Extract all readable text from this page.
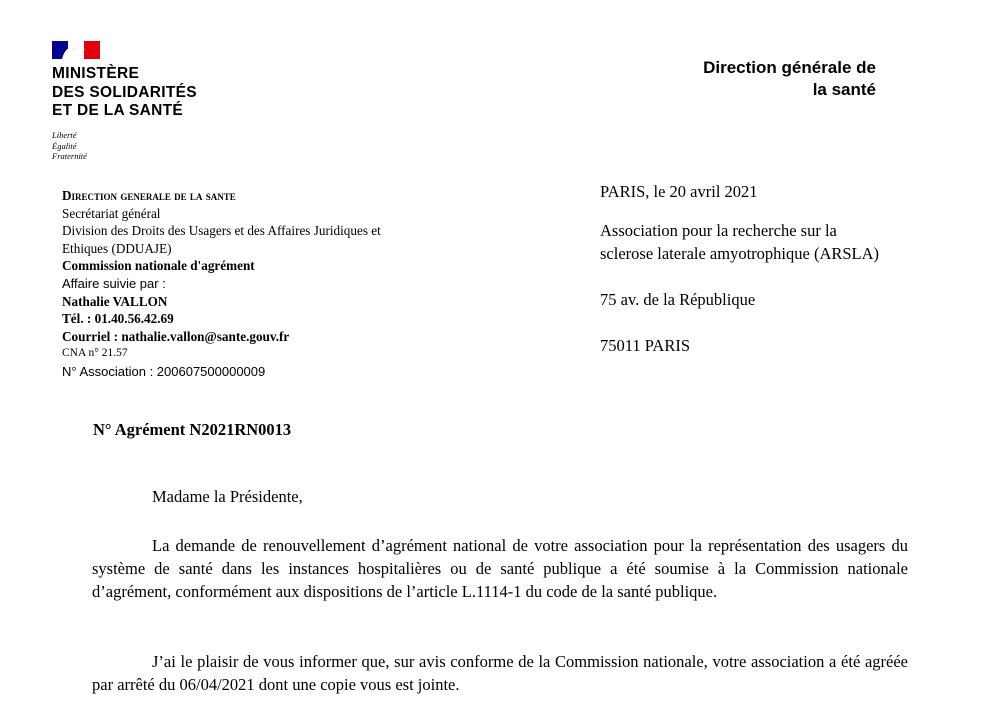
MINISTÈRE
DES SOLIDARITÉS
ET DE LA SANTÉ
Liberté
Égalité
Fraternité
Direction générale de
la santé
Direction generale de la sante
Secrétariat général
Division des Droits des Usagers et des Affaires Juridiques et
Ethiques (DDUAJE)
Commission nationale d'agrément
Affaire suivie par :
Nathalie VALLON
Tél. : 01.40.56.42.69
Courriel : nathalie.vallon@sante.gouv.fr
CNA n° 21.57
N° Association : 200607500000009
PARIS, le 20 avril 2021
Association pour la recherche sur la
sclerose laterale amyotrophique (ARSLA)
75 av. de la République
75011 PARIS
N° Agrément N2021RN0013
Madame la Présidente,
La demande de renouvellement d’agrément national de votre association pour la représentation des usagers du système de santé dans les instances hospitalières ou de santé publique a été soumise à la Commission nationale d’agrément, conformément aux dispositions de l’article L.1114-1 du code de la santé publique.
J’ai le plaisir de vous informer que, sur avis conforme de la Commission nationale, votre association a été agréée par arrêté du 06/04/2021 dont une copie vous est jointe.
